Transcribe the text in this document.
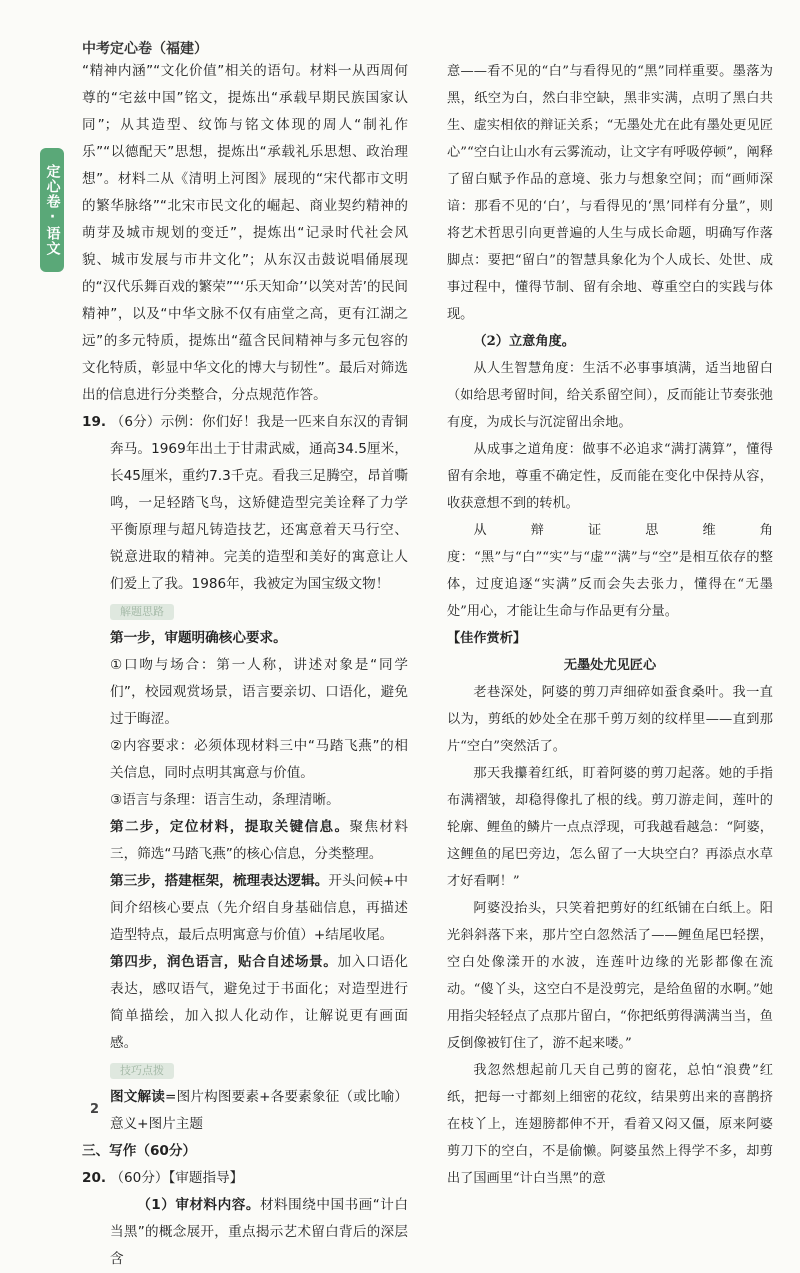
中考定心卷（福建）
定心卷·语文

“精神内涵”“文化价值”相关的语句。材料一从西周何尊的“宅兹中国”铭文，提炼出“承载早期民族国家认同”；从其造型、纹饰与铭文体现的周人“制礼作乐”“以德配天”思想，提炼出“承载礼乐思想、政治理想”。材料二从《清明上河图》展现的“宋代都市文明的繁华脉络”“北宋市民文化的崛起、商业契约精神的萌芽及城市规划的变迁”，提炼出“记录时代社会风貌、城市发展与市井文化”；从东汉击鼓说唱俑展现的“汉代乐舞百戏的繁荣”“‘乐天知命’‘以笑对苦’的民间精神”，以及“中华文脉不仅有庙堂之高，更有江湖之远”的多元特质，提炼出“蕴含民间精神与多元包容的文化特质，彰显中华文化的博大与韧性”。最后对筛选出的信息进行分类整合，分点规范作答。

19. （6分）示例：你们好！我是一匹来自东汉的青铜奔马。1969年出土于甘肃武威，通高34.5厘米，长45厘米，重约7.3千克。看我三足腾空，昂首嘶鸣，一足轻踏飞鸟，这矫健造型完美诠释了力学平衡原理与超凡铸造技艺，还寓意着天马行空、锐意进取的精神。完美的造型和美好的寓意让人们爱上了我。1986年，我被定为国宝级文物！

解题思路

第一步，审题明确核心要求。

①口吻与场合：第一人称，讲述对象是“同学们”，校园观赏场景，语言要亲切、口语化，避免过于晦涩。

②内容要求：必须体现材料三中“马踏飞燕”的相关信息，同时点明其寓意与价值。

③语言与条理：语言生动，条理清晰。

第二步，定位材料，提取关键信息。聚焦材料三，筛选“马踏飞燕”的核心信息，分类整理。

第三步，搭建框架，梳理表达逻辑。开头问候+中间介绍核心要点（先介绍自身基础信息，再描述造型特点，最后点明寓意与价值）+结尾收尾。

第四步，润色语言，贴合自述场景。加入口语化表达，感叹语气，避免过于书面化；对造型进行简单描绘，加入拟人化动作，让解说更有画面感。

技巧点拨

图文解读=图片构图要素+各要素象征（或比喻）意义+图片主题

三、写作（60分）

20. （60分）【审题指导】

（1）审材料内容。材料围绕中国书画“计白当黑”的概念展开，重点揭示艺术留白背后的深层含

意——看不见的“白”与看得见的“黑”同样重要。墨落为黑，纸空为白，然白非空缺，黑非实满，点明了黑白共生、虚实相依的辩证关系；“无墨处尤在此有墨处更见匠心”“空白让山水有云雾流动，让文字有呼吸停顿”，阐释了留白赋予作品的意境、张力与想象空间；而“画师深谙：那看不见的‘白’，与看得见的‘黑’同样有分量”，则将艺术哲思引向更普遍的人生与成长命题，明确写作落脚点：要把“留白”的智慧具象化为个人成长、处世、成事过程中，懂得节制、留有余地、尊重空白的实践与体现。

（2）立意角度。

从人生智慧角度：生活不必事事填满，适当地留白（如给思考留时间，给关系留空间），反而能让节奏张弛有度，为成长与沉淀留出余地。

从成事之道角度：做事不必追求“满打满算”，懂得留有余地，尊重不确定性，反而能在变化中保持从容，收获意想不到的转机。

从辩证思维角度：“黑”与“白”“实”与“虚”“满”与“空”是相互依存的整体，过度追逐“实满”反而会失去张力，懂得在“无墨处”用心，才能让生命与作品更有分量。

【佳作赏析】

无墨处尤见匠心

老巷深处，阿婆的剪刀声细碎如蚕食桑叶。我一直以为，剪纸的妙处全在那千剪万刻的纹样里——直到那片“空白”突然活了。

那天我攥着红纸，盯着阿婆的剪刀起落。她的手指布满褶皱，却稳得像扎了根的线。剪刀游走间，莲叶的轮廓、鲤鱼的鳞片一点点浮现，可我越看越急：“阿婆，这鲤鱼的尾巴旁边，怎么留了一大块空白？再添点水草才好看啊！”

阿婆没抬头，只笑着把剪好的红纸铺在白纸上。阳光斜斜落下来，那片空白忽然活了——鲤鱼尾巴轻摆，空白处像漾开的水波，连莲叶边缘的光影都像在流动。“傻丫头，这空白不是没剪完，是给鱼留的水啊。”她用指尖轻轻点了点那片留白，“你把纸剪得满满当当，鱼反倒像被钉住了，游不起来喽。”

我忽然想起前几天自己剪的窗花，总怕“浪费”红纸，把每一寸都刻上细密的花纹，结果剪出来的喜鹊挤在枝丫上，连翅膀都伸不开，看着又闷又僵，原来阿婆剪刀下的空白，不是偷懒。阿婆虽然上得学不多，却剪出了国画里“计白当黑”的意

2
